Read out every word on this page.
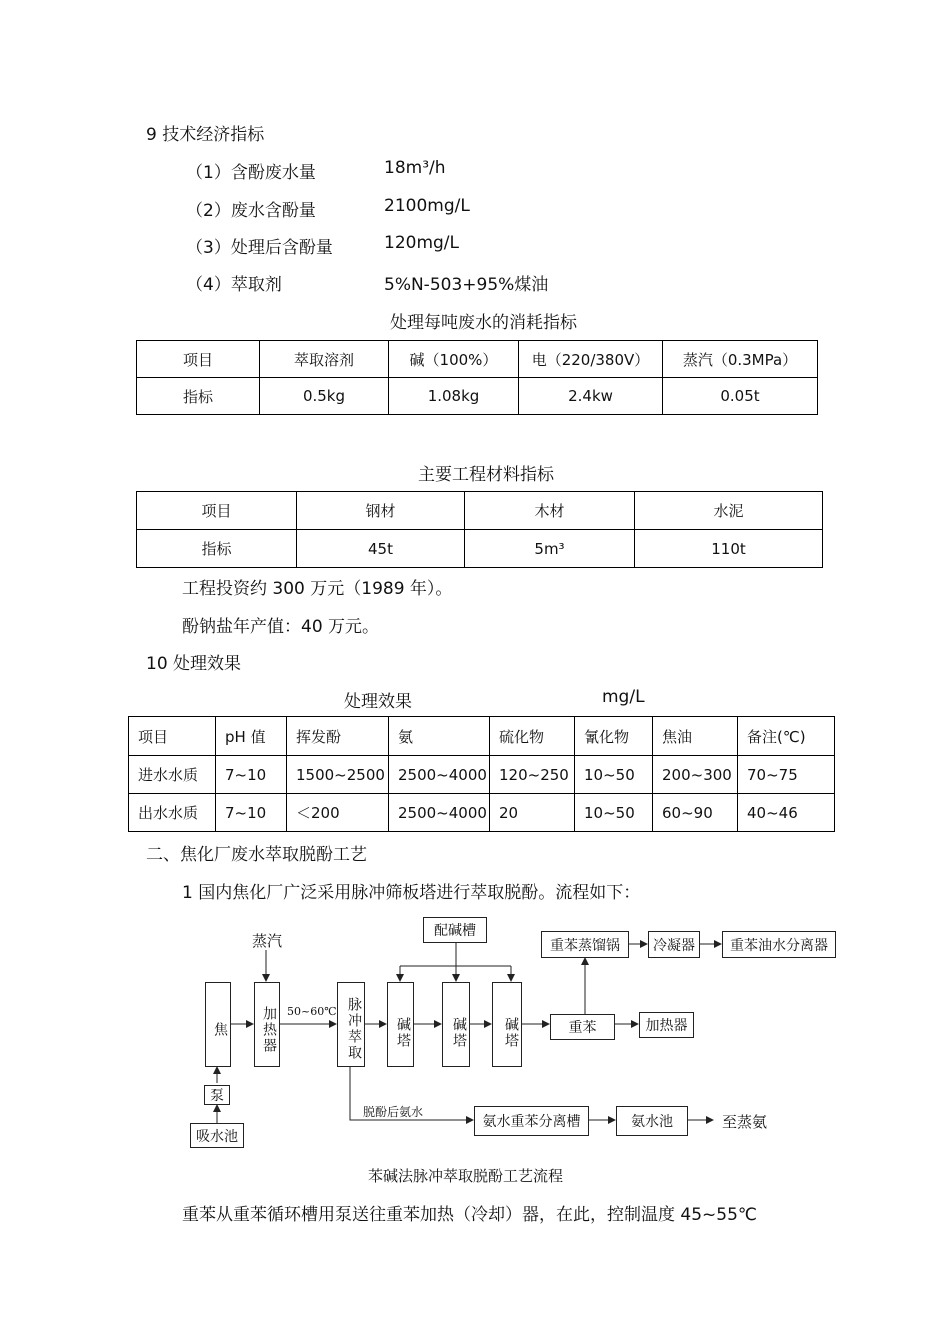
9 技术经济指标
（1）含酚废水量	18m³/h
（2）废水含酚量	2100mg/L
（3）处理后含酚量	120mg/L
（4）萃取剂	5%N-503+95%煤油
处理每吨废水的消耗指标
项目	萃取溶剂	碱（100%）	电（220/380V）	蒸汽（0.3MPa）
指标	0.5kg	1.08kg	2.4kw	0.05t
主要工程材料指标
项目	钢材	木材	水泥
指标	45t	5m³	110t
工程投资约 300 万元（1989 年）。
酚钠盐年产值：40 万元。
10 处理效果
处理效果	mg/L
项目	pH 值	挥发酚	氨	硫化物	氰化物	焦油	备注(℃)
进水水质	7~10	1500~2500	2500~4000	120~250	10~50	200~300	70~75
出水水质	7~10	＜200	2500~4000	20	10~50	60~90	40~46
二、焦化厂废水萃取脱酚工艺
1 国内焦化厂广泛采用脉冲筛板塔进行萃取脱酚。流程如下：
蒸汽
焦
泵
吸水池
加热器 50~60℃ 脉冲萃取
配碱槽
碱塔	碱塔	碱塔	重苯
重苯蒸馏锅	冷凝器	重苯油水分离器
加热器
脱酚后氨水
氨水重苯分离槽	氨水池	至蒸氨
苯碱法脉冲萃取脱酚工艺流程
重苯从重苯循环槽用泵送往重苯加热（冷却）器，在此，控制温度 45~55℃
